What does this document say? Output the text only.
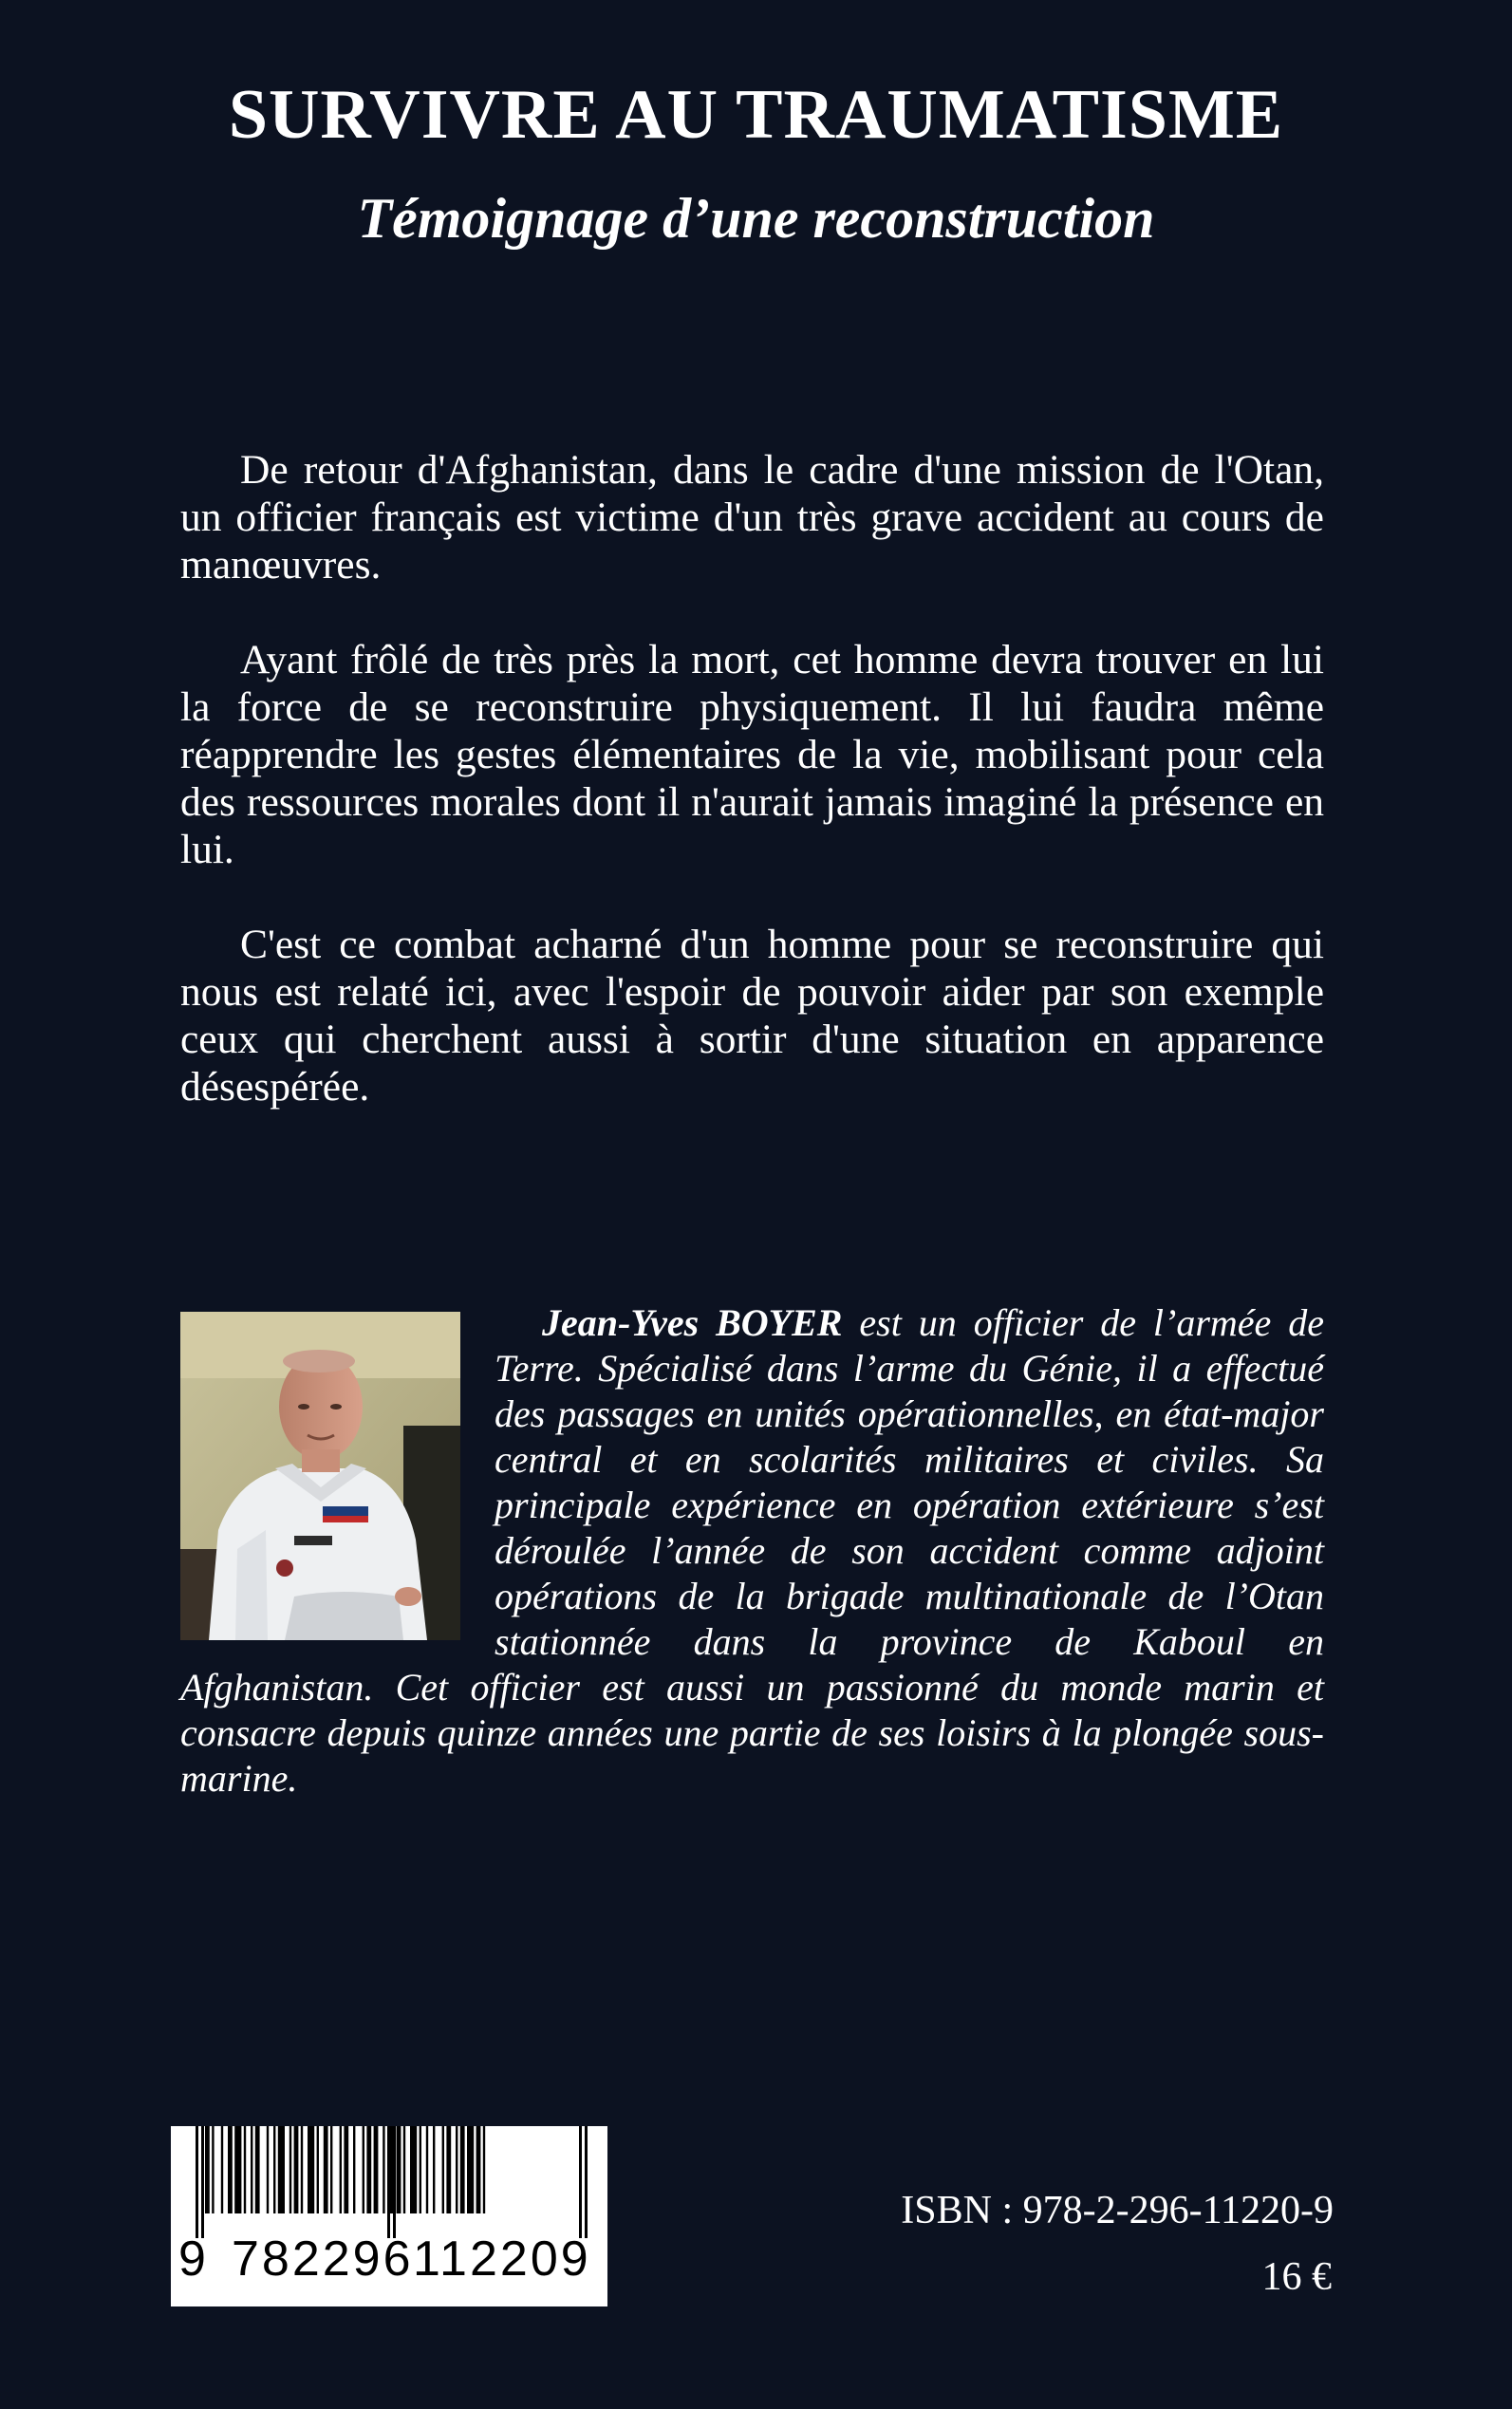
SURVIVRE AU TRAUMATISME
Témoignage d’une reconstruction

De retour d'Afghanistan, dans le cadre d'une mission de l'Otan, un officier français est victime d'un très grave accident au cours de manœuvres.

Ayant frôlé de très près la mort, cet homme devra trouver en lui la force de se reconstruire physiquement. Il lui faudra même réapprendre les gestes élémentaires de la vie, mobilisant pour cela des ressources morales dont il n'aurait jamais imaginé la présence en lui.

C'est ce combat acharné d'un homme pour se reconstruire qui nous est relaté ici, avec l'espoir de pouvoir aider par son exemple ceux qui cherchent aussi à sortir d'une situation en apparence désespérée.

Jean-Yves BOYER est un officier de l’armée de Terre. Spécialisé dans l’arme du Génie, il a effectué des passages en unités opérationnelles, en état-major central et en scolarités militaires et civiles. Sa principale expérience en opération extérieure s’est déroulée l’année de son accident comme adjoint opérations de la brigade multinationale de l’Otan stationnée dans la province de Kaboul en Afghanistan. Cet officier est aussi un passionné du monde marin et consacre depuis quinze années une partie de ses loisirs à la plongée sous-marine.
9 782296 112209
ISBN : 978-2-296-11220-9
16 €
